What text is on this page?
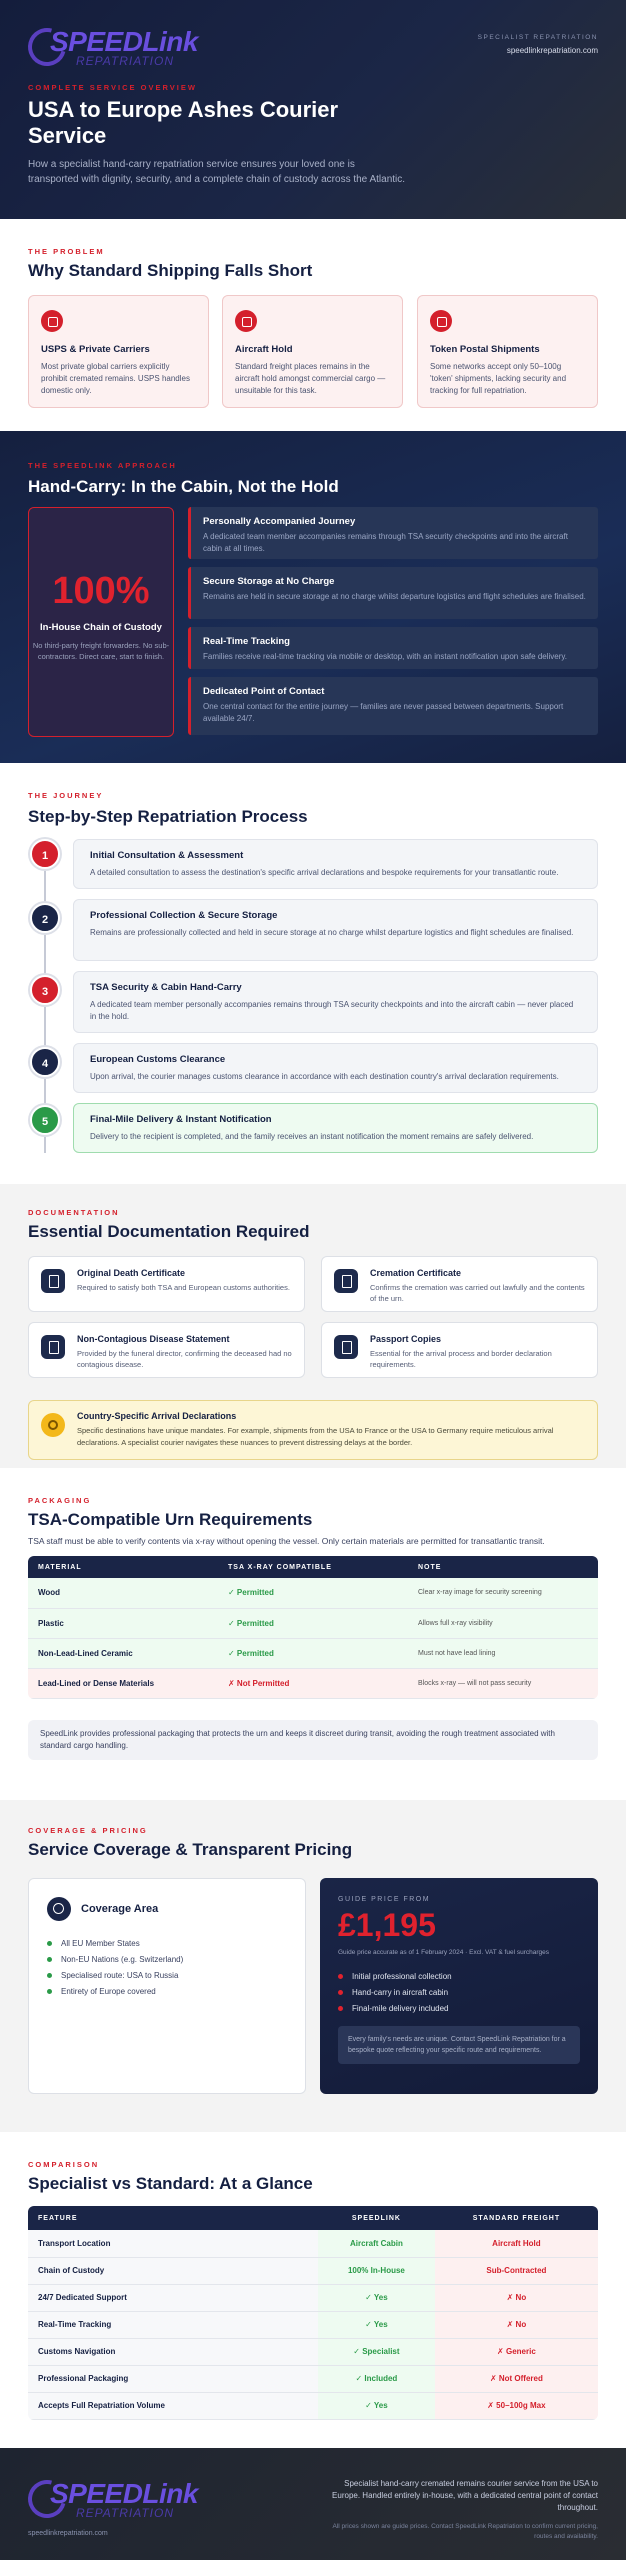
SPEEDLink
REPATRIATION
SPECIALIST REPATRIATION
speedlinkrepatriation.com
COMPLETE SERVICE OVERVIEW
USA to Europe Ashes Courier Service
How a specialist hand-carry repatriation service ensures your loved one is transported with dignity, security, and a complete chain of custody across the Atlantic.
THE PROBLEM
Why Standard Shipping Falls Short
USPS & Private Carriers
Most private global carriers explicitly prohibit cremated remains. USPS handles domestic only.
Aircraft Hold
Standard freight places remains in the aircraft hold amongst commercial cargo — unsuitable for this task.
Token Postal Shipments
Some networks accept only 50–100g 'token' shipments, lacking security and tracking for full repatriation.
THE SPEEDLINK APPROACH
Hand-Carry: In the Cabin, Not the Hold
100%
In-House Chain of Custody
No third-party freight forwarders. No sub-contractors. Direct care, start to finish.
Personally Accompanied Journey
A dedicated team member accompanies remains through TSA security checkpoints and into the aircraft cabin at all times.
Secure Storage at No Charge
Remains are held in secure storage at no charge whilst departure logistics and flight schedules are finalised.
Real-Time Tracking
Families receive real-time tracking via mobile or desktop, with an instant notification upon safe delivery.
Dedicated Point of Contact
One central contact for the entire journey — families are never passed between departments. Support available 24/7.
THE JOURNEY
Step-by-Step Repatriation Process
1	Initial Consultation & Assessment
A detailed consultation to assess the destination's specific arrival declarations and bespoke requirements for your transatlantic route.
2	Professional Collection & Secure Storage
Remains are professionally collected and held in secure storage at no charge whilst departure logistics and flight schedules are finalised.
3	TSA Security & Cabin Hand-Carry
A dedicated team member personally accompanies remains through TSA security checkpoints and into the aircraft cabin — never placed in the hold.
4	European Customs Clearance
Upon arrival, the courier manages customs clearance in accordance with each destination country's arrival declaration requirements.
5	Final-Mile Delivery & Instant Notification
Delivery to the recipient is completed, and the family receives an instant notification the moment remains are safely delivered.
DOCUMENTATION
Essential Documentation Required
Original Death Certificate
Required to satisfy both TSA and European customs authorities.
Cremation Certificate
Confirms the cremation was carried out lawfully and the contents of the urn.
Non-Contagious Disease Statement
Provided by the funeral director, confirming the deceased had no contagious disease.
Passport Copies
Essential for the arrival process and border declaration requirements.
Country-Specific Arrival Declarations
Specific destinations have unique mandates. For example, shipments from the USA to France or the USA to Germany require meticulous arrival declarations. A specialist courier navigates these nuances to prevent distressing delays at the border.
PACKAGING
TSA-Compatible Urn Requirements
TSA staff must be able to verify contents via x-ray without opening the vessel. Only certain materials are permitted for transatlantic transit.
MATERIAL	TSA X-RAY COMPATIBLE	NOTE
Wood	✓ Permitted	Clear x-ray image for security screening
Plastic	✓ Permitted	Allows full x-ray visibility
Non-Lead-Lined Ceramic	✓ Permitted	Must not have lead lining
Lead-Lined or Dense Materials	✗ Not Permitted	Blocks x-ray — will not pass security
SpeedLink provides professional packaging that protects the urn and keeps it discreet during transit, avoiding the rough treatment associated with standard cargo handling.
COVERAGE & PRICING
Service Coverage & Transparent Pricing
Coverage Area
All EU Member States
Non-EU Nations (e.g. Switzerland)
Specialised route: USA to Russia
Entirety of Europe covered
GUIDE PRICE FROM
£1,195
Guide price accurate as of 1 February 2024 · Excl. VAT & fuel surcharges
Initial professional collection
Hand-carry in aircraft cabin
Final-mile delivery included
Every family's needs are unique. Contact SpeedLink Repatriation for a bespoke quote reflecting your specific route and requirements.
COMPARISON
Specialist vs Standard: At a Glance
FEATURE	SPEEDLINK	STANDARD FREIGHT
Transport Location	Aircraft Cabin	Aircraft Hold
Chain of Custody	100% In-House	Sub-Contracted
24/7 Dedicated Support	✓ Yes	✗ No
Real-Time Tracking	✓ Yes	✗ No
Customs Navigation	✓ Specialist	✗ Generic
Professional Packaging	✓ Included	✗ Not Offered
Accepts Full Repatriation Volume	✓ Yes	✗ 50–100g Max
SPEEDLink
REPATRIATION
speedlinkrepatriation.com
Specialist hand-carry cremated remains courier service from the USA to Europe. Handled entirely in-house, with a dedicated central point of contact throughout.
All prices shown are guide prices. Contact SpeedLink Repatriation to confirm current pricing, routes and availability.
